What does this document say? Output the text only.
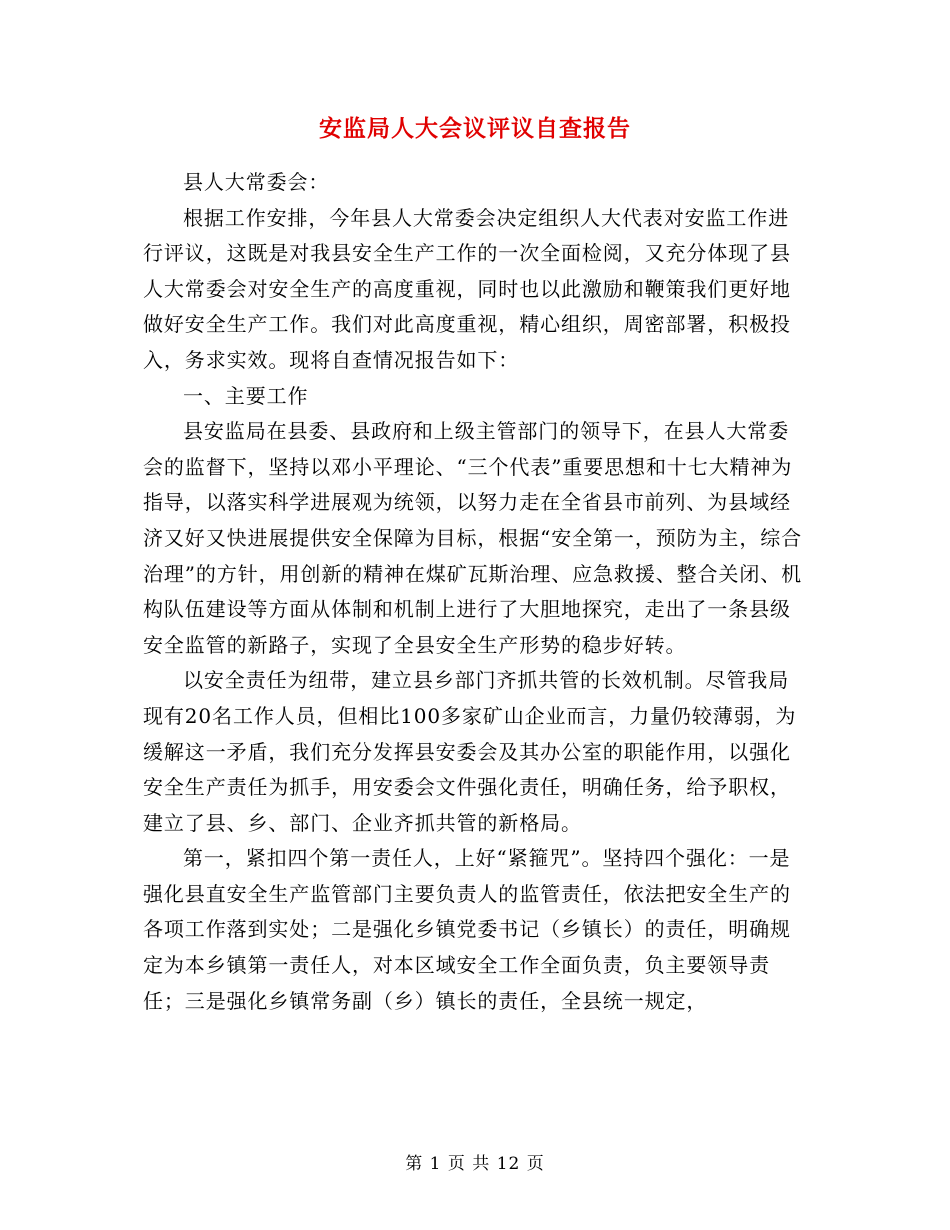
安监局人大会议评议自查报告

县人大常委会：

根据工作安排，今年县人大常委会决定组织人大代表对安监工作进行评议，这既是对我县安全生产工作的一次全面检阅，又充分体现了县人大常委会对安全生产的高度重视，同时也以此激励和鞭策我们更好地做好安全生产工作。我们对此高度重视，精心组织，周密部署，积极投入，务求实效。现将自查情况报告如下：

一、主要工作

县安监局在县委、县政府和上级主管部门的领导下，在县人大常委会的监督下，坚持以邓小平理论、“三个代表”重要思想和十七大精神为指导，以落实科学进展观为统领，以努力走在全省县市前列、为县域经济又好又快进展提供安全保障为目标，根据“安全第一，预防为主，综合治理”的方针，用创新的精神在煤矿瓦斯治理、应急救援、整合关闭、机构队伍建设等方面从体制和机制上进行了大胆地探究，走出了一条县级安全监管的新路子，实现了全县安全生产形势的稳步好转。

以安全责任为纽带，建立县乡部门齐抓共管的长效机制。尽管我局现有20名工作人员，但相比100多家矿山企业而言，力量仍较薄弱，为缓解这一矛盾，我们充分发挥县安委会及其办公室的职能作用，以强化安全生产责任为抓手，用安委会文件强化责任，明确任务，给予职权，建立了县、乡、部门、企业齐抓共管的新格局。

第一，紧扣四个第一责任人，上好“紧箍咒”。坚持四个强化：一是强化县直安全生产监管部门主要负责人的监管责任，依法把安全生产的各项工作落到实处；二是强化乡镇党委书记（乡镇长）的责任，明确规定为本乡镇第一责任人，对本区域安全工作全面负责，负主要领导责任；三是强化乡镇常务副（乡）镇长的责任，全县统一规定，

第 1 页 共 12 页
